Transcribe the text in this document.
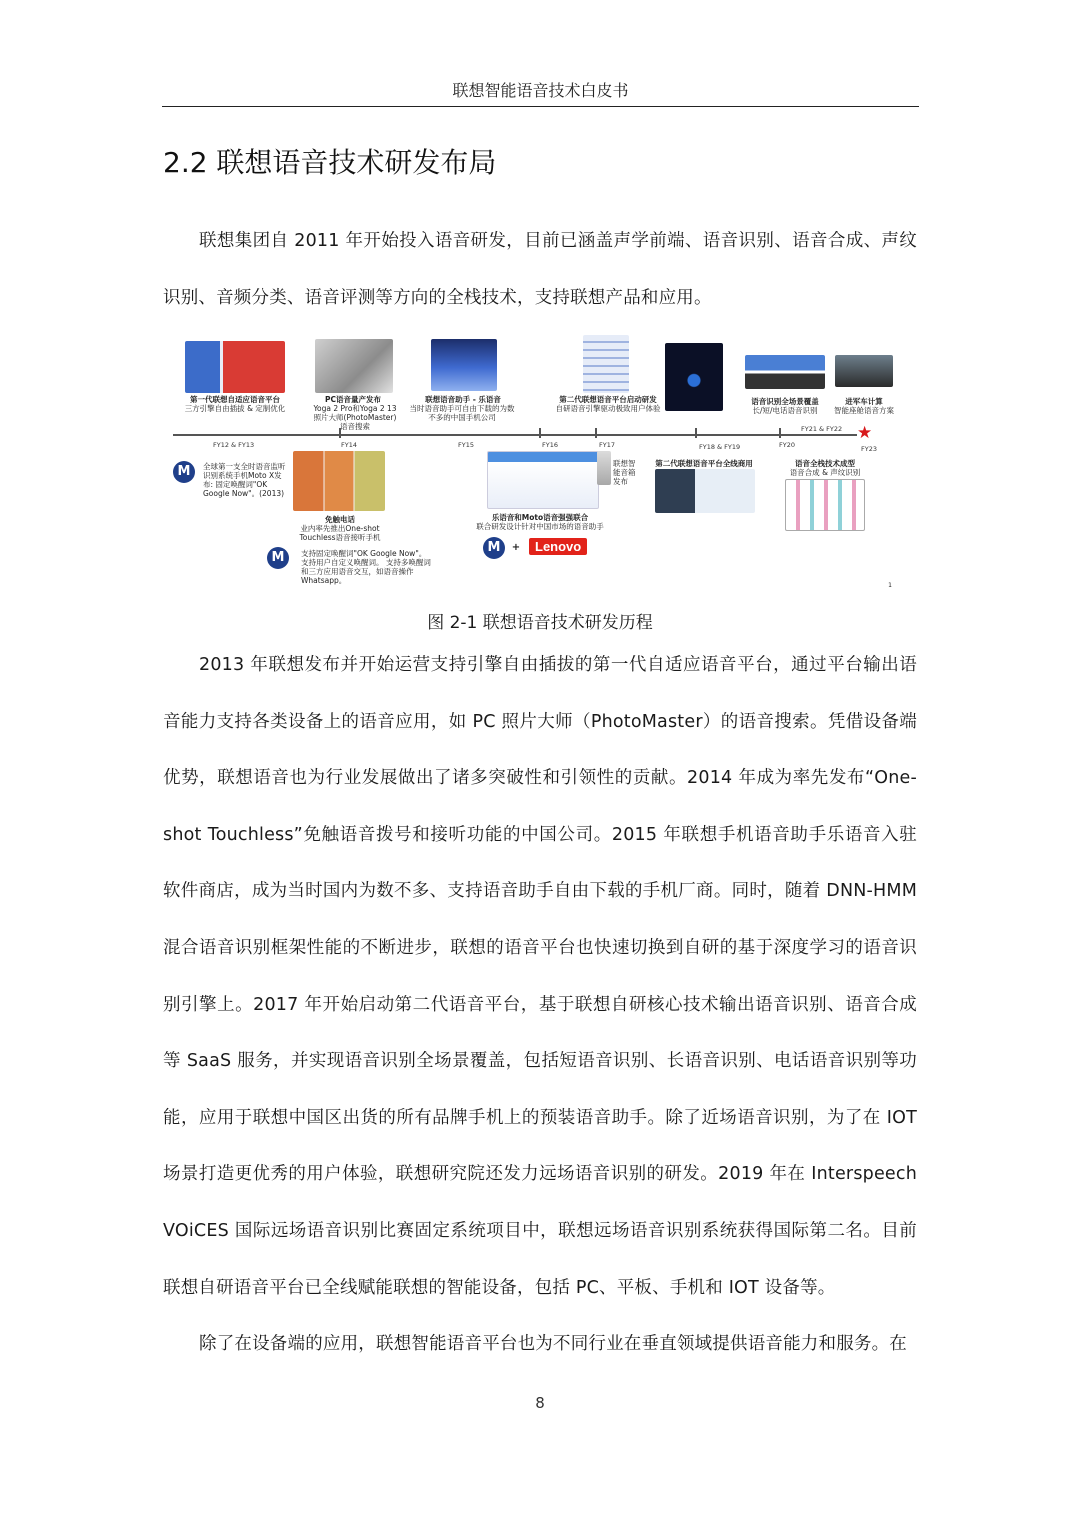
联想智能语音技术白皮书
2.2 联想语音技术研发布局
联想集团自 2011 年开始投入语音研发，目前已涵盖声学前端、语音识别、语音合成、声纹识别、音频分类、语音评测等方向的全栈技术，支持联想产品和应用。
第一代联想自适应语音平台
三方引擎自由插拔 & 定制优化
PC语音量产发布
Yoga 2 Pro和Yoga 2 13照片大师(PhotoMaster) 语音搜索
联想语音助手 - 乐语音
当时语音助手可自由下载的为数不多的中国手机公司
第二代联想语音平台启动研发
自研语音引擎驱动极致用户体验
语音识别全场景覆盖
长/短/电话语音识别
进军车计算
智能座舱语音方案
★
FY12 & FY13	FY14	FY15	FY16	FY17	FY18 & FY19	FY20
FY21 & FY22
FY23
M	全球第一支全时语音监听识别系统手机Moto X发布: 固定唤醒词"OK Google Now"。(2013)
免触电话
业内率先推出One-shot Touchless语音接听手机
M	支持固定唤醒词"OK Google Now"。 支持用户自定义唤醒词。 支持多唤醒词和三方应用语音交互，如语音操作Whatsapp。
乐语音和Moto语音强强联合
联合研发设计针对中国市场的语音助手
M	+	Lenovo
联想智能音箱发布
第二代联想语音平台全线商用	语音全栈技术成型
语音合成 & 声纹识别
1
图 2-1 联想语音技术研发历程
2013 年联想发布并开始运营支持引擎自由插拔的第一代自适应语音平台，通过平台输出语音能力支持各类设备上的语音应用，如 PC 照片大师（PhotoMaster）的语音搜索。凭借设备端优势，联想语音也为行业发展做出了诸多突破性和引领性的贡献。2014 年成为率先发布“One-shot Touchless”免触语音拨号和接听功能的中国公司。2015 年联想手机语音助手乐语音入驻软件商店，成为当时国内为数不多、支持语音助手自由下载的手机厂商。同时，随着 DNN-HMM 混合语音识别框架性能的不断进步，联想的语音平台也快速切换到自研的基于深度学习的语音识别引擎上。2017 年开始启动第二代语音平台，基于联想自研核心技术输出语音识别、语音合成等 SaaS 服务，并实现语音识别全场景覆盖，包括短语音识别、长语音识别、电话语音识别等功能，应用于联想中国区出货的所有品牌手机上的预装语音助手。除了近场语音识别，为了在 IOT 场景打造更优秀的用户体验，联想研究院还发力远场语音识别的研发。2019 年在 Interspeech VOiCES 国际远场语音识别比赛固定系统项目中，联想远场语音识别系统获得国际第二名。目前联想自研语音平台已全线赋能联想的智能设备，包括 PC、平板、手机和 IOT 设备等。
除了在设备端的应用，联想智能语音平台也为不同行业在垂直领域提供语音能力和服务。在
8
